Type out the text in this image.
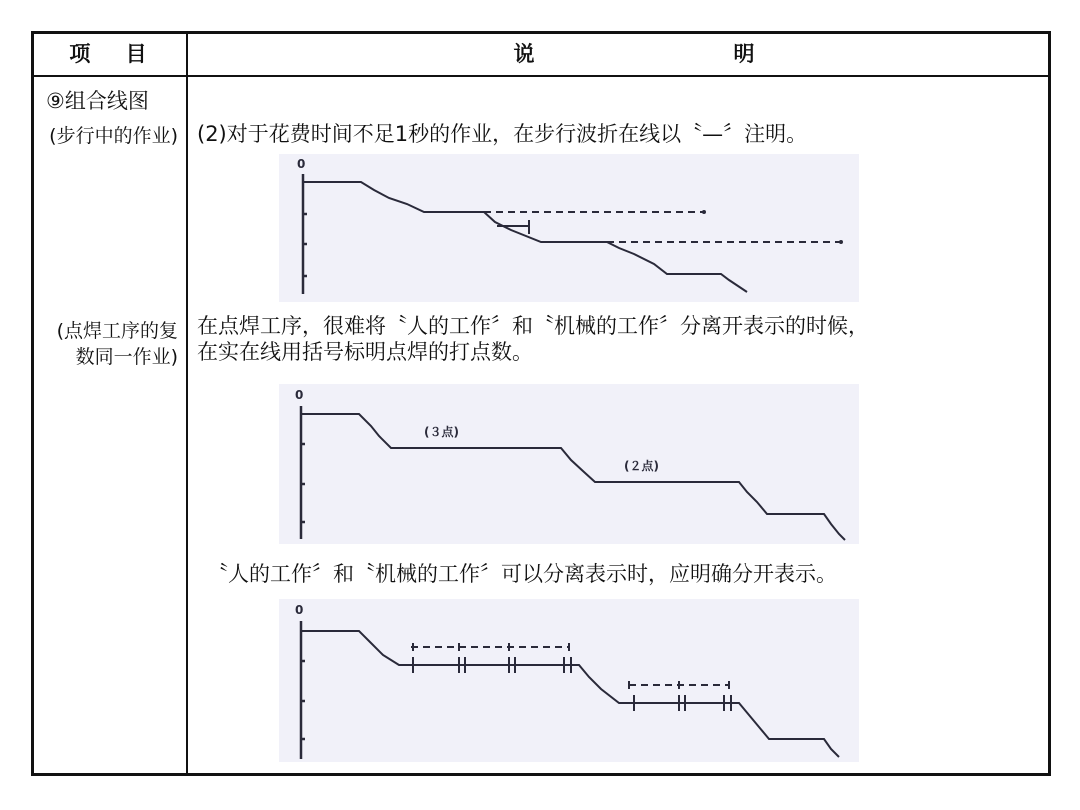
项 目	说	明
⑨组合线图
(步行中的作业)
(点焊工序的复数同一作业)
(2)对于花费时间不足1秒的作业，在步行波折在线以〝—〞注明。
0
在点焊工序，很难将〝人的工作〞和〝机械的工作〞分离开表示的时候，
在实在线用括号标明点焊的打点数。
0
(３点)
(２点)
〝人的工作〞和〝机械的工作〞可以分离表示时，应明确分开表示。
0
